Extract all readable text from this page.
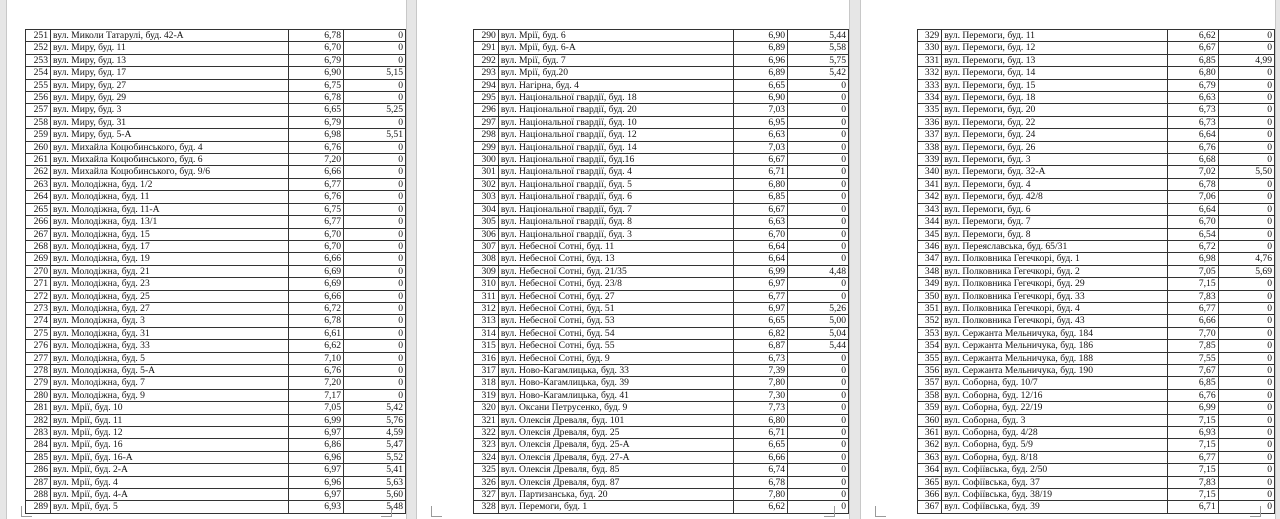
251	вул. Миколи Татарулі, буд. 42-А	6,78	0
252	вул. Миру, буд. 11	6,70	0
253	вул. Миру, буд. 13	6,79	0
254	вул. Миру, буд. 17	6,90	5,15
255	вул. Миру, буд. 27	6,75	0
256	вул. Миру, буд. 29	6,78	0
257	вул. Миру, буд. 3	6,65	5,25
258	вул. Миру, буд. 31	6,79	0
259	вул. Миру, буд. 5-А	6,98	5,51
260	вул. Михайла Коцюбинського, буд. 4	6,76	0
261	вул. Михайла Коцюбинського, буд. 6	7,20	0
262	вул. Михайла Коцюбинського, буд. 9/6	6,66	0
263	вул. Молодіжна, буд. 1/2	6,77	0
264	вул. Молодіжна, буд. 11	6,76	0
265	вул. Молодіжна, буд. 11-А	6,75	0
266	вул. Молодіжна, буд. 13/1	6,77	0
267	вул. Молодіжна, буд. 15	6,70	0
268	вул. Молодіжна, буд. 17	6,70	0
269	вул. Молодіжна, буд. 19	6,66	0
270	вул. Молодіжна, буд. 21	6,69	0
271	вул. Молодіжна, буд. 23	6,69	0
272	вул. Молодіжна, буд. 25	6,66	0
273	вул. Молодіжна, буд. 27	6,72	0
274	вул. Молодіжна, буд. 3	6,78	0
275	вул. Молодіжна, буд. 31	6,61	0
276	вул. Молодіжна, буд. 33	6,62	0
277	вул. Молодіжна, буд. 5	7,10	0
278	вул. Молодіжна, буд. 5-А	6,76	0
279	вул. Молодіжна, буд. 7	7,20	0
280	вул. Молодіжна, буд. 9	7,17	0
281	вул. Мрії, буд. 10	7,05	5,42
282	вул. Мрії, буд. 11	6,99	5,76
283	вул. Мрії, буд. 12	6,97	4,59
284	вул. Мрії, буд. 16	6,86	5,47
285	вул. Мрії, буд. 16-А	6,96	5,52
286	вул. Мрії, буд. 2-А	6,97	5,41
287	вул. Мрії, буд. 4	6,96	5,63
288	вул. Мрії, буд. 4-А	6,97	5,60
289	вул. Мрії, буд. 5	6,93	5,48
290	вул. Мрії, буд. 6	6,90	5,44
291	вул. Мрії, буд. 6-А	6,89	5,58
292	вул. Мрії, буд. 7	6,96	5,75
293	вул. Мрії, буд.20	6,89	5,42
294	вул. Нагірна, буд. 4	6,65	0
295	вул. Національної гвардії, буд. 18	6,90	0
296	вул. Національної гвардії, буд. 20	7,03	0
297	вул. Національної гвардії, буд. 10	6,95	0
298	вул. Національної гвардії, буд. 12	6,63	0
299	вул. Національної гвардії, буд. 14	7,03	0
300	вул. Національної гвардії, буд.16	6,67	0
301	вул. Національної гвардії, буд. 4	6,71	0
302	вул. Національної гвардії, буд. 5	6,80	0
303	вул. Національної гвардії, буд. 6	6,85	0
304	вул. Національної гвардії, буд. 7	6,67	0
305	вул. Національної гвардії, буд. 8	6,63	0
306	вул. Національної гвардії, буд. 3	6,70	0
307	вул. Небесної Сотні, буд. 11	6,64	0
308	вул. Небесної Сотні, буд. 13	6,64	0
309	вул. Небесної Сотні, буд. 21/35	6,99	4,48
310	вул. Небесної Сотні, буд. 23/8	6,97	0
311	вул. Небесної Сотні, буд. 27	6,77	0
312	вул. Небесної Сотні, буд. 51	6,97	5,26
313	вул. Небесної Сотні, буд. 53	6,65	5,00
314	вул. Небесної Сотні, буд. 54	6,82	5,04
315	вул. Небесної Сотні, буд. 55	6,87	5,44
316	вул. Небесної Сотні, буд. 9	6,73	0
317	вул. Ново-Кагамлицька, буд. 33	7,39	0
318	вул. Ново-Кагамлицька, буд. 39	7,80	0
319	вул. Ново-Кагамлицька, буд. 41	7,30	0
320	вул. Оксани Петрусенко, буд. 9	7,73	0
321	вул. Олексія Древаля, буд. 101	6,80	0
322	вул. Олексія Древаля, буд. 25	6,71	0
323	вул. Олексія Древаля, буд. 25-А	6,65	0
324	вул. Олексія Древаля, буд. 27-А	6,66	0
325	вул. Олексія Древаля, буд. 85	6,74	0
326	вул. Олексія Древаля, буд. 87	6,78	0
327	вул. Партизанська, буд. 20	7,80	0
328	вул. Перемоги, буд. 1	6,62	0
329	вул. Перемоги, буд. 11	6,62	0
330	вул. Перемоги, буд. 12	6,67	0
331	вул. Перемоги, буд. 13	6,85	4,99
332	вул. Перемоги, буд. 14	6,80	0
333	вул. Перемоги, буд. 15	6,79	0
334	вул. Перемоги, буд. 18	6,63	0
335	вул. Перемоги, буд. 20	6,73	0
336	вул. Перемоги, буд. 22	6,73	0
337	вул. Перемоги, буд. 24	6,64	0
338	вул. Перемоги, буд. 26	6,76	0
339	вул. Перемоги, буд. 3	6,68	0
340	вул. Перемоги, буд. 32-А	7,02	5,50
341	вул. Перемоги, буд. 4	6,78	0
342	вул. Перемоги, буд. 42/8	7,06	0
343	вул. Перемоги, буд. 6	6,64	0
344	вул. Перемоги, буд. 7	6,70	0
345	вул. Перемоги, буд. 8	6,54	0
346	вул. Переяславська, буд. 65/31	6,72	0
347	вул. Полковника Гегечкорі, буд. 1	6,98	4,76
348	вул. Полковника Гегечкорі, буд. 2	7,05	5,69
349	вул. Полковника Гегечкорі, буд. 29	7,15	0
350	вул. Полковника Гегечкорі, буд. 33	7,83	0
351	вул. Полковника Гегечкорі, буд. 4	6,77	0
352	вул. Полковника Гегечкорі, буд. 43	6,66	0
353	вул. Сержанта Мельничука, буд. 184	7,70	0
354	вул. Сержанта Мельничука, буд. 186	7,85	0
355	вул. Сержанта Мельничука, буд. 188	7,55	0
356	вул. Сержанта Мельничука, буд. 190	7,67	0
357	вул. Соборна, буд. 10/7	6,85	0
358	вул. Соборна, буд. 12/16	6,76	0
359	вул. Соборна, буд. 22/19	6,99	0
360	вул. Соборна, буд. 3	7,15	0
361	вул. Соборна, буд. 4/28	6,93	0
362	вул. Соборна, буд. 5/9	7,15	0
363	вул. Соборна, буд. 8/18	6,77	0
364	вул. Софіївська, буд. 2/50	7,15	0
365	вул. Софіївська, буд. 37	7,83	0
366	вул. Софіївська, буд. 38/19	7,15	0
367	вул. Софіївська, буд. 39	6,71	0
